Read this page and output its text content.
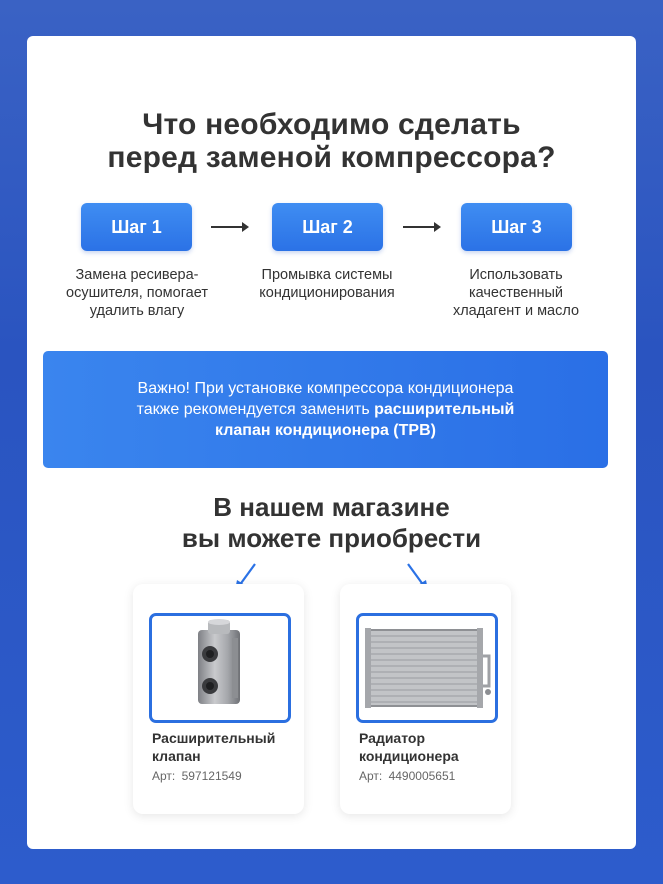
Что необходимо сделать
перед заменой компрессора?
Шаг 1	Шаг 2	Шаг 3
Замена ресивера-
осушителя, помогает
удалить влагу
Промывка системы
кондиционирования
Использовать
качественный
хладагент и масло
Важно! При установке компрессора кондиционера
также рекомендуется заменить расширительный
клапан кондиционера (ТРВ)
В нашем магазине
вы можете приобрести
Расширительный
клапан
Арт: 597121549
Радиатор
кондиционера
Арт: 4490005651
